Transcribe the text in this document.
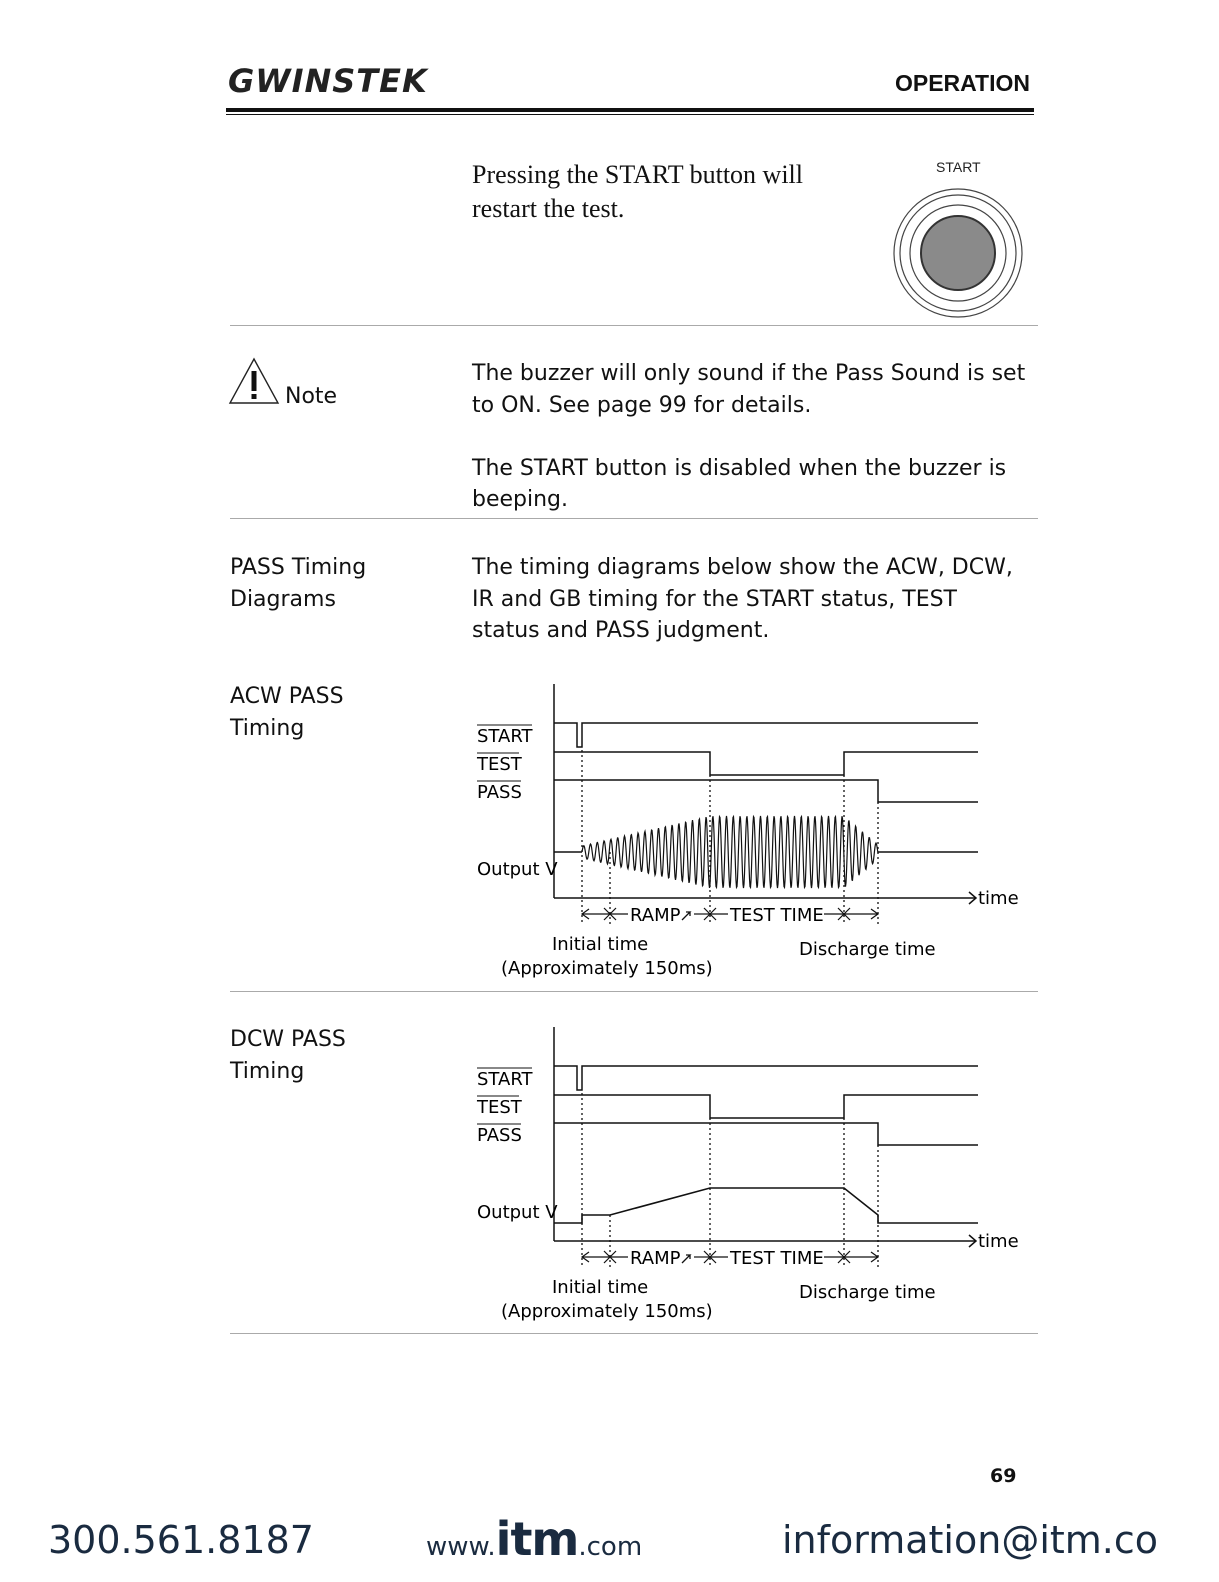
GWINSTEK	OPERATION
Pressing the START button will
restart the test.
START
Note
The buzzer will only sound if the Pass Sound is set
to ON. See page 99 for details.
The START button is disabled when the buzzer is
beeping.
PASS Timing
Diagrams
The timing diagrams below show the ACW, DCW,
IR and GB timing for the START status, TEST
status and PASS judgment.
ACW PASS
Timing	START
TEST
PASS
Output V
time
RAMP	TEST TIME
Initial time
(Approximately 150ms)
Discharge time
DCW PASS
Timing	START
TEST
PASS
Output V
time
RAMP	TEST TIME
Initial time
(Approximately 150ms)
Discharge time
69
300.561.8187	www.itm.com	information@itm.co
